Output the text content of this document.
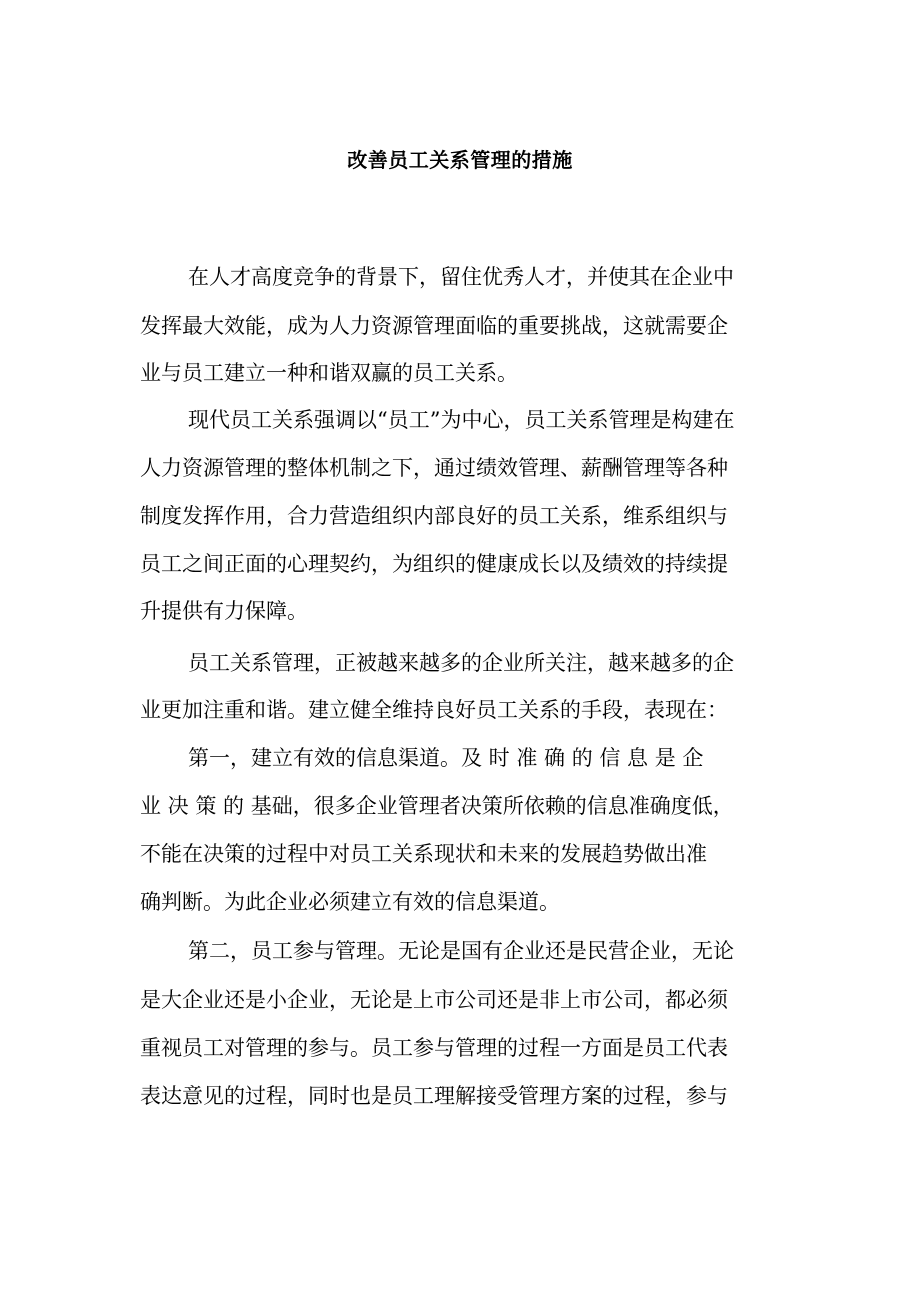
改善员工关系管理的措施
在人才高度竞争的背景下，留住优秀人才，并使其在企业中
发挥最大效能，成为人力资源管理面临的重要挑战，这就需要企
业与员工建立一种和谐双赢的员工关系。
现代员工关系强调以“员工”为中心，员工关系管理是构建在
人力资源管理的整体机制之下，通过绩效管理、薪酬管理等各种
制度发挥作用，合力营造组织内部良好的员工关系，维系组织与
员工之间正面的心理契约，为组织的健康成长以及绩效的持续提
升提供有力保障。
员工关系管理，正被越来越多的企业所关注，越来越多的企
业更加注重和谐。建立健全维持良好员工关系的手段，表现在：
第一，建立有效的信息渠道。及 时 准 确 的 信 息 是 企
业 决 策 的 基础，很多企业管理者决策所依赖的信息准确度低，
不能在决策的过程中对员工关系现状和未来的发展趋势做出准
确判断。为此企业必须建立有效的信息渠道。
第二，员工参与管理。无论是国有企业还是民营企业，无论
是大企业还是小企业，无论是上市公司还是非上市公司，都必须
重视员工对管理的参与。员工参与管理的过程一方面是员工代表
表达意见的过程，同时也是员工理解接受管理方案的过程，参与
